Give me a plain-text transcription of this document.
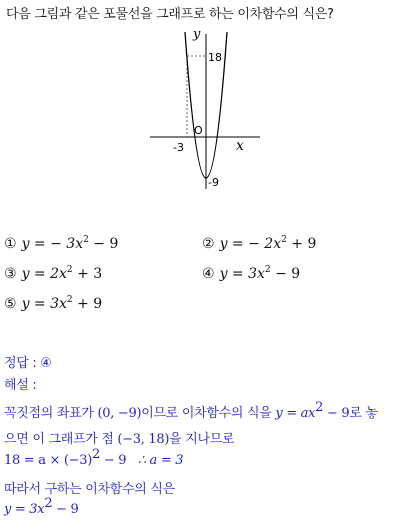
다음 그림과 같은 포물선을 그래프로 하는 이차함수의 식은?
y
x
O
18
-9
-3
① y = − $3x^2 - 9$	② y = − $2x^2 + 9$
③ $y = 2x^2 + 3$	④ $y = 3x^2 - 9$
⑤ $y = 3x^2 + 9$
정답 : ④
해설 :
꼭짓점의 좌표가 (0, −9)이므로 이차함수의 식을 $y = ax^2 - 9$로 놓
으면 이 그래프가 점 (−3, 18)을 지나므로
$18 = a \times (-3)^2 - 9$ ∴ a = 3
따라서 구하는 이차함수의 식은
$y = 3x^2 - 9$
